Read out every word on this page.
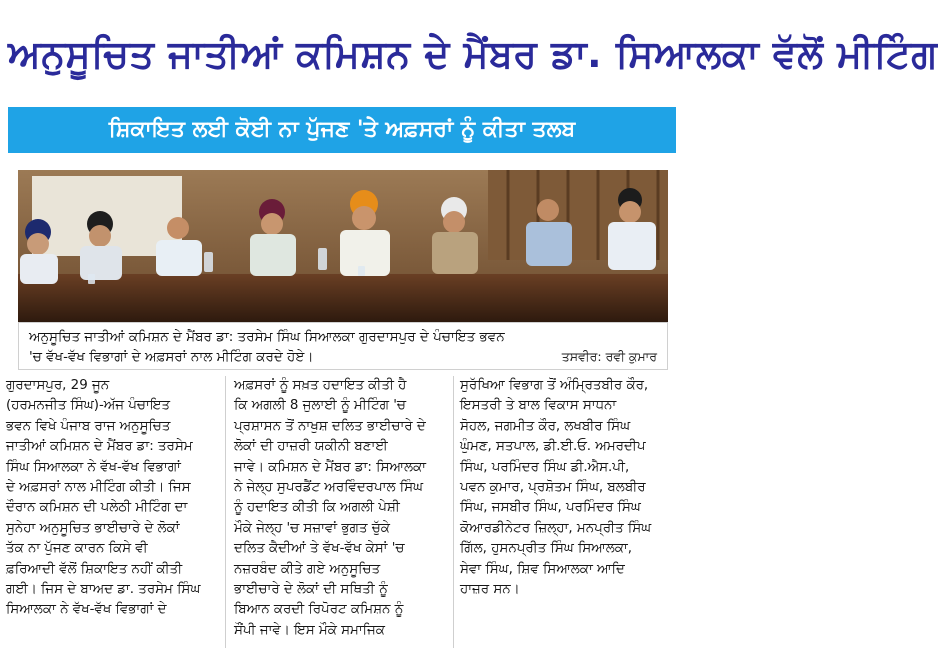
ਅਨੁਸੂਚਿਤ ਜਾਤੀਆਂ ਕਮਿਸ਼ਨ ਦੇ ਮੈਂਬਰ ਡਾ. ਸਿਆਲਕਾ ਵੱਲੋਂ ਮੀਟਿੰਗ
ਸ਼ਿਕਾਇਤ ਲਈ ਕੋਈ ਨਾ ਪੁੱਜਣ 'ਤੇ ਅਫ਼ਸਰਾਂ ਨੂੰ ਕੀਤਾ ਤਲਬ
ਅਨੁਸੂਚਿਤ ਜਾਤੀਆਂ ਕਮਿਸ਼ਨ ਦੇ ਮੈਂਬਰ ਡਾ: ਤਰਸੇਮ ਸਿੰਘ ਸਿਆਲਕਾ ਗੁਰਦਾਸਪੁਰ ਦੇ ਪੰਚਾਇਤ ਭਵਨ
'ਚ ਵੱਖ-ਵੱਖ ਵਿਭਾਗਾਂ ਦੇ ਅਫ਼ਸਰਾਂ ਨਾਲ ਮੀਟਿੰਗ ਕਰਦੇ ਹੋਏ।	ਤਸਵੀਰ: ਰਵੀ ਕੁਮਾਰ
ਗੁਰਦਾਸਪੁਰ, 29 ਜੂਨ
(ਹਰਮਨਜੀਤ ਸਿੰਘ)-ਅੱਜ ਪੰਚਾਇਤ
ਭਵਨ ਵਿਖੇ ਪੰਜਾਬ ਰਾਜ ਅਨੁਸੂਚਿਤ
ਜਾਤੀਆਂ ਕਮਿਸ਼ਨ ਦੇ ਮੈਂਬਰ ਡਾ: ਤਰਸੇਮ
ਸਿੰਘ ਸਿਆਲਕਾ ਨੇ ਵੱਖ-ਵੱਖ ਵਿਭਾਗਾਂ
ਦੇ ਅਫ਼ਸਰਾਂ ਨਾਲ ਮੀਟਿੰਗ ਕੀਤੀ। ਜਿਸ
ਦੌਰਾਨ ਕਮਿਸ਼ਨ ਦੀ ਪਲੇਠੀ ਮੀਟਿੰਗ ਦਾ
ਸੁਨੇਹਾ ਅਨੁਸੂਚਿਤ ਭਾਈਚਾਰੇ ਦੇ ਲੋਕਾਂ
ਤੱਕ ਨਾ ਪੁੱਜਣ ਕਾਰਨ ਕਿਸੇ ਵੀ
ਫ਼ਰਿਆਦੀ ਵੱਲੋਂ ਸ਼ਿਕਾਇਤ ਨਹੀਂ ਕੀਤੀ
ਗਈ। ਜਿਸ ਦੇ ਬਾਅਦ ਡਾ. ਤਰਸੇਮ ਸਿੰਘ
ਸਿਆਲਕਾ ਨੇ ਵੱਖ-ਵੱਖ ਵਿਭਾਗਾਂ ਦੇ
ਅਫ਼ਸਰਾਂ ਨੂੰ ਸਖ਼ਤ ਹਦਾਇਤ ਕੀਤੀ ਹੈ
ਕਿ ਅਗਲੀ 8 ਜੁਲਾਈ ਨੂੰ ਮੀਟਿੰਗ 'ਚ
ਪ੍ਰਸ਼ਾਸਨ ਤੋਂ ਨਾਖੁਸ਼ ਦਲਿਤ ਭਾਈਚਾਰੇ ਦੇ
ਲੋਕਾਂ ਦੀ ਹਾਜ਼ਰੀ ਯਕੀਨੀ ਬਣਾਈ
ਜਾਵੇ। ਕਮਿਸ਼ਨ ਦੇ ਮੈਂਬਰ ਡਾ: ਸਿਆਲਕਾ
ਨੇ ਜੇਲ੍ਹ ਸੁਪਰਡੈਂਟ ਅਰਵਿੰਦਰਪਾਲ ਸਿੰਘ
ਨੂੰ ਹਦਾਇਤ ਕੀਤੀ ਕਿ ਅਗਲੀ ਪੇਸ਼ੀ
ਮੌਕੇ ਜੇਲ੍ਹ 'ਚ ਸਜ਼ਾਵਾਂ ਭੁਗਤ ਚੁੱਕੇ
ਦਲਿਤ ਕੈਦੀਆਂ ਤੇ ਵੱਖ-ਵੱਖ ਕੇਸਾਂ 'ਚ
ਨਜ਼ਰਬੰਦ ਕੀਤੇ ਗਏ ਅਨੁਸੂਚਿਤ
ਭਾਈਚਾਰੇ ਦੇ ਲੋਕਾਂ ਦੀ ਸਥਿਤੀ ਨੂੰ
ਬਿਆਨ ਕਰਦੀ ਰਿਪੋਰਟ ਕਮਿਸ਼ਨ ਨੂੰ
ਸੌਂਪੀ ਜਾਵੇ। ਇਸ ਮੌਕੇ ਸਮਾਜਿਕ
ਸੁਰੱਖਿਆ ਵਿਭਾਗ ਤੋਂ ਅੰਮ੍ਰਿਤਬੀਰ ਕੌਰ,
ਇਸਤਰੀ ਤੇ ਬਾਲ ਵਿਕਾਸ ਸਾਧਨਾ
ਸੋਹਲ, ਜਗਮੀਤ ਕੌਰ, ਲਖਬੀਰ ਸਿੰਘ
ਘੁੰਮਣ, ਸਤਪਾਲ, ਡੀ.ਈ.ਓ. ਅਮਰਦੀਪ
ਸਿੰਘ, ਪਰਮਿੰਦਰ ਸਿੰਘ ਡੀ.ਐਸ.ਪੀ,
ਪਵਨ ਕੁਮਾਰ, ਪ੍ਰਸ਼ੋਤਮ ਸਿੰਘ, ਬਲਬੀਰ
ਸਿੰਘ, ਜਸਬੀਰ ਸਿੰਘ, ਪਰਮਿੰਦਰ ਸਿੰਘ
ਕੋਆਰਡੀਨੇਟਰ ਜ਼ਿਲ੍ਹਾ, ਮਨਪ੍ਰੀਤ ਸਿੰਘ
ਗਿੱਲ, ਹੁਸਨਪ੍ਰੀਤ ਸਿੰਘ ਸਿਆਲਕਾ,
ਸੇਵਾ ਸਿੰਘ, ਸ਼ਿਵ ਸਿਆਲਕਾ ਆਦਿ
ਹਾਜ਼ਰ ਸਨ।
